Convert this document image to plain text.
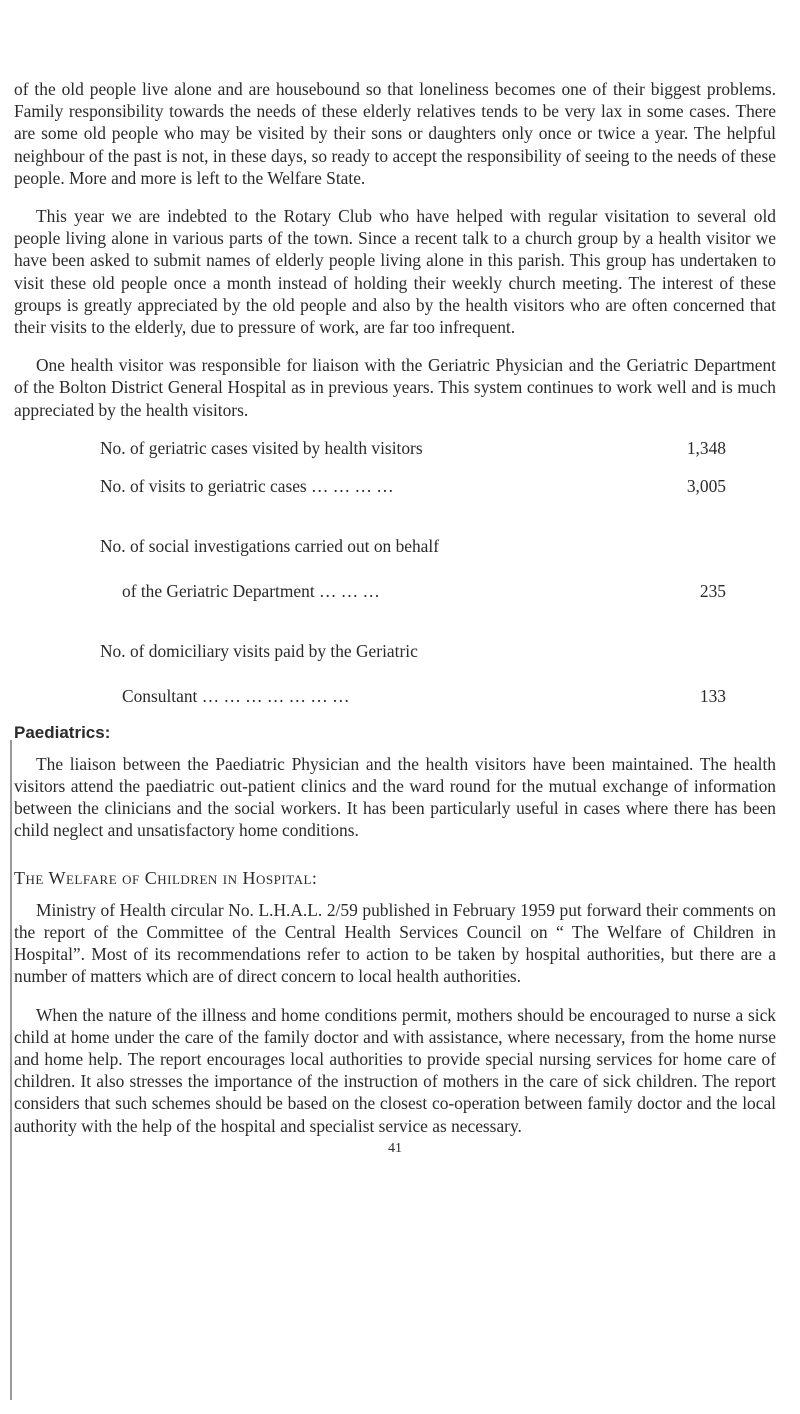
of the old people live alone and are housebound so that loneliness becomes one of their biggest problems. Family responsibility towards the needs of these elderly relatives tends to be very lax in some cases. There are some old people who may be visited by their sons or daughters only once or twice a year. The helpful neighbour of the past is not, in these days, so ready to accept the responsibility of seeing to the needs of these people. More and more is left to the Welfare State.

This year we are indebted to the Rotary Club who have helped with regular visitation to several old people living alone in various parts of the town. Since a recent talk to a church group by a health visitor we have been asked to submit names of elderly people living alone in this parish. This group has undertaken to visit these old people once a month instead of holding their weekly church meeting. The interest of these groups is greatly appreciated by the old people and also by the health visitors who are often concerned that their visits to the elderly, due to pressure of work, are far too infrequent.

One health visitor was responsible for liaison with the Geriatric Physician and the Geriatric Department of the Bolton District General Hospital as in previous years. This system continues to work well and is much appreciated by the health visitors.

No. of geriatric cases visited by health visitors	1,348
No. of visits to geriatric cases … … … …	3,005

No. of social investigations carried out on behalf

of the Geriatric Department … … …	235

No. of domiciliary visits paid by the Geriatric

Consultant … … … … … … …	133

Paediatrics:

The liaison between the Paediatric Physician and the health visitors have been maintained. The health visitors attend the paediatric out-patient clinics and the ward round for the mutual exchange of information between the clinicians and the social workers. It has been particularly useful in cases where there has been child neglect and unsatisfactory home conditions.

The Welfare of Children in Hospital:

Ministry of Health circular No. L.H.A.L. 2/59 published in February 1959 put forward their comments on the report of the Committee of the Central Health Services Council on “ The Welfare of Children in Hospital”. Most of its recommendations refer to action to be taken by hospital authorities, but there are a number of matters which are of direct concern to local health authorities.

When the nature of the illness and home conditions permit, mothers should be encouraged to nurse a sick child at home under the care of the family doctor and with assistance, where necessary, from the home nurse and home help. The report encourages local authorities to provide special nursing services for home care of children. It also stresses the importance of the instruction of mothers in the care of sick children. The report considers that such schemes should be based on the closest co-operation between family doctor and the local authority with the help of the hospital and specialist service as necessary.

41
